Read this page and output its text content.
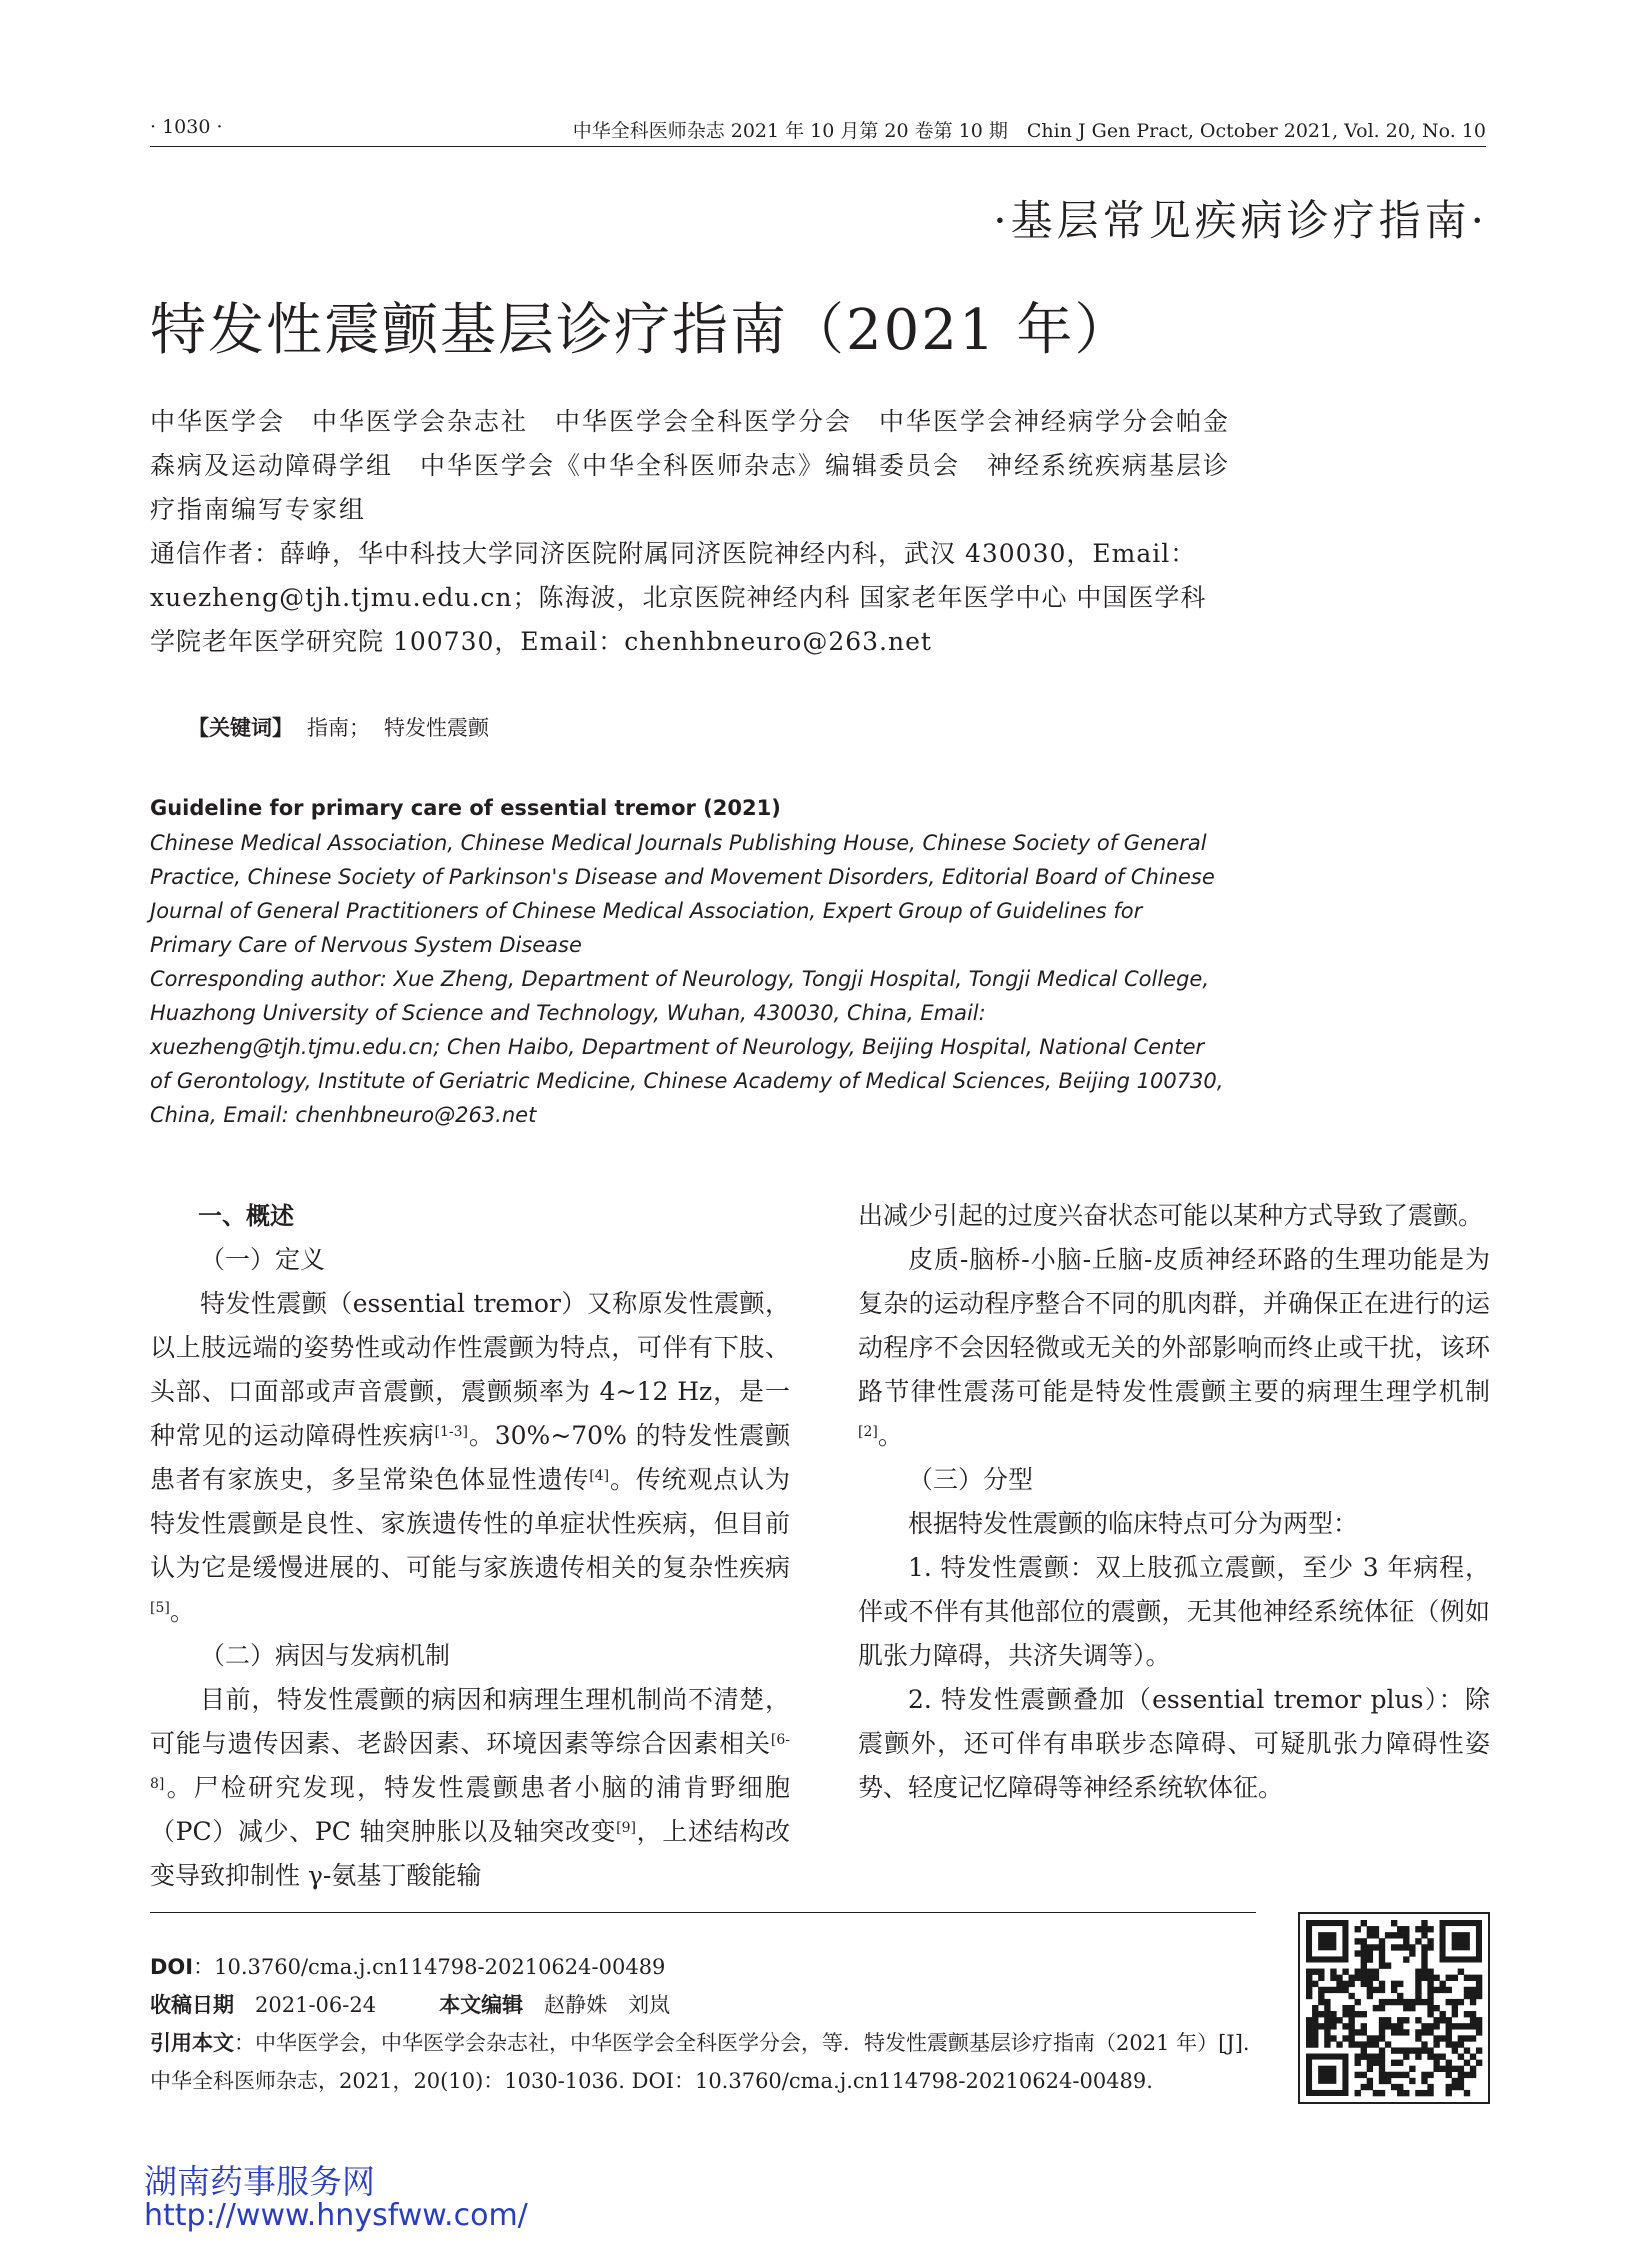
· 1030 ·	中华全科医师杂志 2021 年 10 月第 20 卷第 10 期　Chin J Gen Pract, October 2021, Vol. 20, No. 10
·基层常见疾病诊疗指南·
特发性震颤基层诊疗指南（2021 年）
中华医学会　中华医学会杂志社　中华医学会全科医学分会　中华医学会神经病学分会帕金森病及运动障碍学组　中华医学会《中华全科医师杂志》编辑委员会　神经系统疾病基层诊疗指南编写专家组
通信作者：薛峥，华中科技大学同济医院附属同济医院神经内科，武汉 430030，Email：xuezheng@tjh.tjmu.edu.cn；陈海波，北京医院神经内科 国家老年医学中心 中国医学科学院老年医学研究院 100730，Email：chenhbneuro@263.net
【关键词】 指南； 特发性震颤
Guideline for primary care of essential tremor (2021)
Chinese Medical Association, Chinese Medical Journals Publishing House, Chinese Society of General Practice, Chinese Society of Parkinson's Disease and Movement Disorders, Editorial Board of Chinese Journal of General Practitioners of Chinese Medical Association, Expert Group of Guidelines for Primary Care of Nervous System Disease
Corresponding author: Xue Zheng, Department of Neurology, Tongji Hospital, Tongji Medical College, Huazhong University of Science and Technology, Wuhan, 430030, China, Email: xuezheng@tjh.tjmu.edu.cn; Chen Haibo, Department of Neurology, Beijing Hospital, National Center of Gerontology, Institute of Geriatric Medicine, Chinese Academy of Medical Sciences, Beijing 100730, China, Email: chenhbneuro@263.net

一、概述

（一）定义

特发性震颤（essential tremor）又称原发性震颤，以上肢远端的姿势性或动作性震颤为特点，可伴有下肢、头部、口面部或声音震颤，震颤频率为 4~12 Hz，是一种常见的运动障碍性疾病[1-3]。30%~70% 的特发性震颤患者有家族史，多呈常染色体显性遗传[4]。传统观点认为特发性震颤是良性、家族遗传性的单症状性疾病，但目前认为它是缓慢进展的、可能与家族遗传相关的复杂性疾病[5]。

（二）病因与发病机制

目前，特发性震颤的病因和病理生理机制尚不清楚，可能与遗传因素、老龄因素、环境因素等综合因素相关[6-8]。尸检研究发现，特发性震颤患者小脑的浦肯野细胞（PC）减少、PC 轴突肿胀以及轴突改变[9]，上述结构改变导致抑制性 γ-氨基丁酸能输

出减少引起的过度兴奋状态可能以某种方式导致了震颤。

皮质-脑桥-小脑-丘脑-皮质神经环路的生理功能是为复杂的运动程序整合不同的肌肉群，并确保正在进行的运动程序不会因轻微或无关的外部影响而终止或干扰，该环路节律性震荡可能是特发性震颤主要的病理生理学机制[2]。

（三）分型

根据特发性震颤的临床特点可分为两型：

1. 特发性震颤：双上肢孤立震颤，至少 3 年病程，伴或不伴有其他部位的震颤，无其他神经系统体征（例如肌张力障碍，共济失调等）。

2. 特发性震颤叠加（essential tremor plus）：除震颤外，还可伴有串联步态障碍、可疑肌张力障碍性姿势、轻度记忆障碍等神经系统软体征。

DOI：10.3760/cma.j.cn114798-20210624-00489
收稿日期　 2021-06-24　　　	本文编辑　 赵静姝　刘岚
引用本文：中华医学会，中华医学会杂志社，中华医学会全科医学分会，等．特发性震颤基层诊疗指南（2021 年）[J]. 中华全科医师杂志，2021，20(10)：1030-1036. DOI：10.3760/cma.j.cn114798-20210624-00489.
湖南药事服务网
http://www.hnysfww.com/
